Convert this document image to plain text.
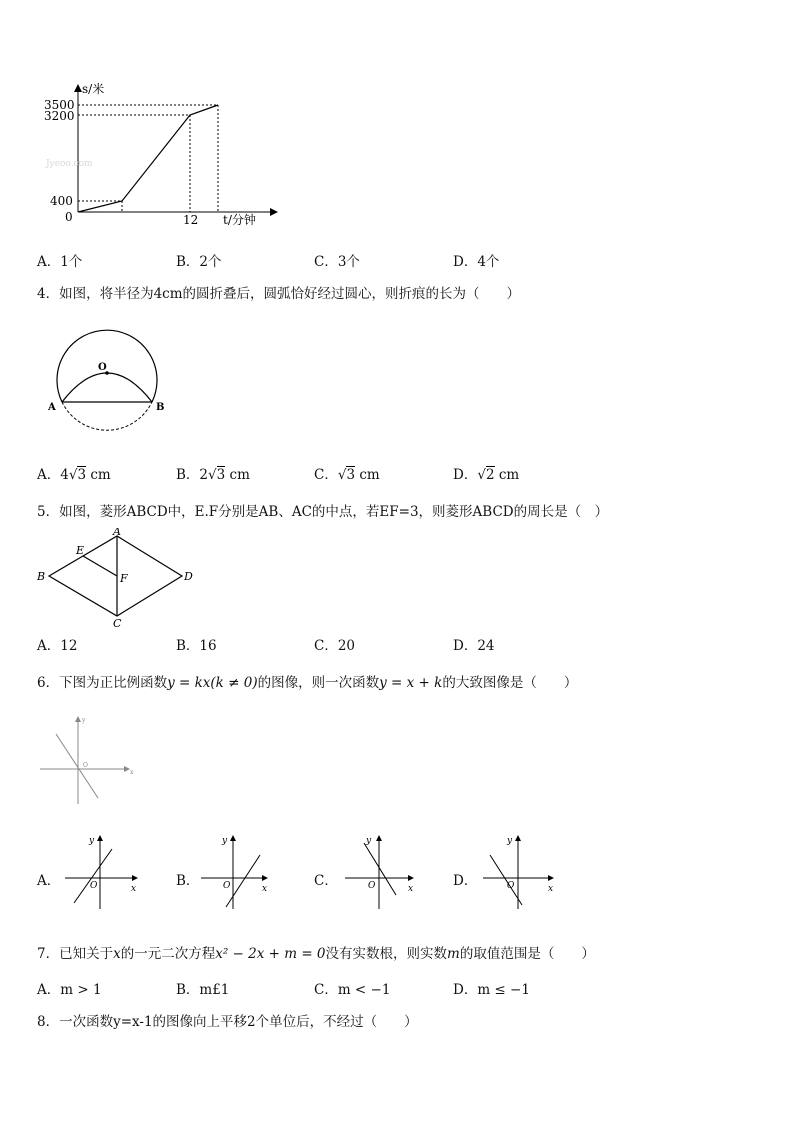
s/米
t/分钟
3500
3200
400
0	12
Jyeoo.com
A．1个	B．2个	C．3个	D．4个
4．如图，将半径为4cm的圆折叠后，圆弧恰好经过圆心，则折痕的长为（　　）
O
A	B
A．4√3 cm	B．2√3 cm	C．√3 cm	D．√2 cm
5．如图，菱形ABCD中，E.F分别是AB、AC的中点，若EF=3，则菱形ABCD的周长是（　）
A
B
C
D
E
F
A．12	B．16	C．20	D．24
6．下图为正比例函数y = kx(k ≠ 0)的图像，则一次函数y = x + k的大致图像是（　　）
y
x
O
A．
y
x
O	B．
y
x
O	C．
y
x
O	D．
y
x
O
7．已知关于x的一元二次方程x² − 2x + m = 0没有实数根，则实数m的取值范围是（　　）
A．m > 1	B．m£1	C．m < −1	D．m ≤ −1
8．一次函数y=x-1的图像向上平移2个单位后，不经过（　　）
